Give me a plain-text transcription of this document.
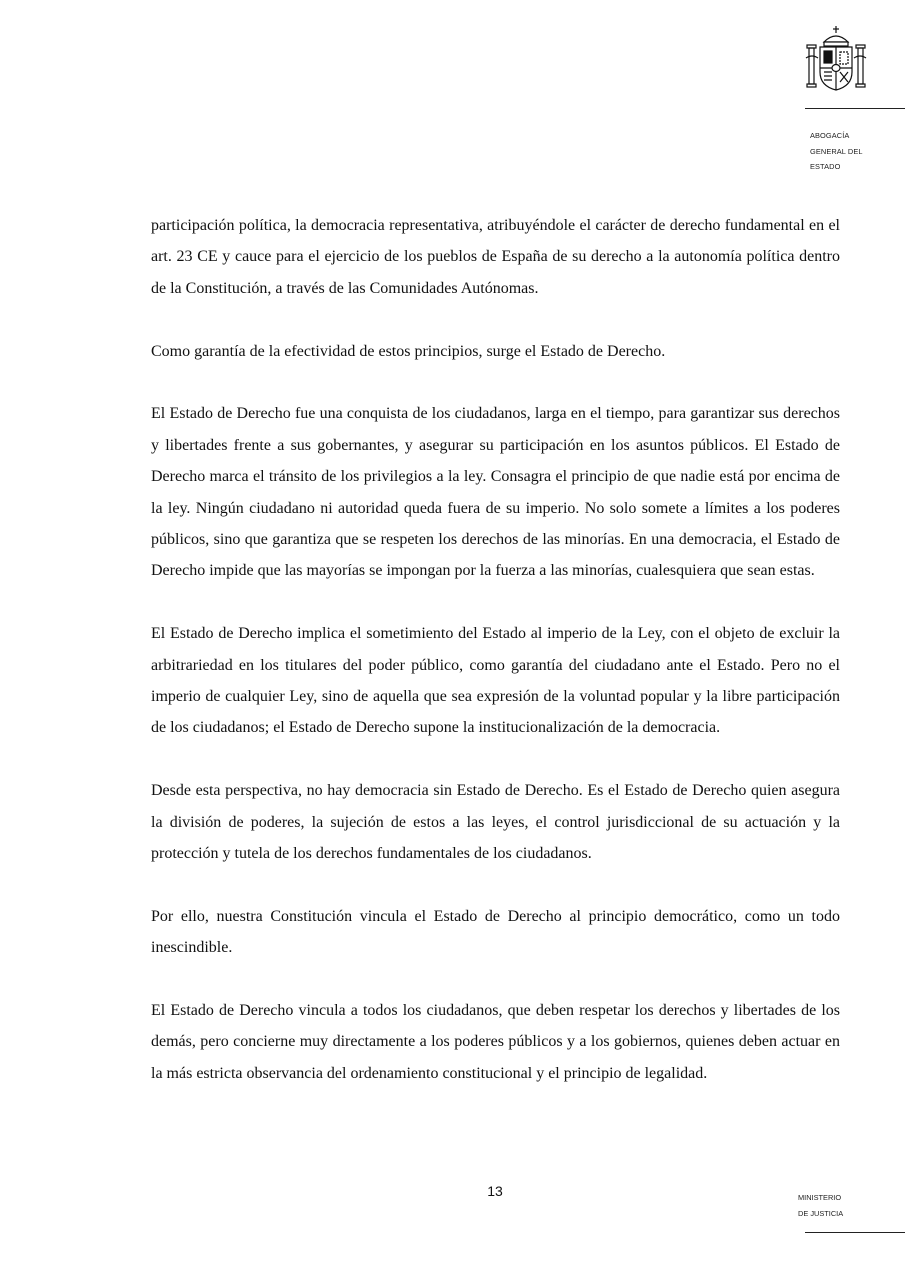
ABOGACÍA
GENERAL DEL
ESTADO

participación política, la democracia representativa, atribuyéndole el carácter de derecho fundamental en el art. 23 CE y cauce para el ejercicio de los pueblos de España de su derecho a la autonomía política dentro de la Constitución, a través de las Comunidades Autónomas.

Como garantía de la efectividad de estos principios, surge el Estado de Derecho.

El Estado de Derecho fue una conquista de los ciudadanos, larga en el tiempo, para garantizar sus derechos y libertades frente a sus gobernantes, y asegurar su participación en los asuntos públicos. El Estado de Derecho marca el tránsito de los privilegios a la ley. Consagra el principio de que nadie está por encima de la ley. Ningún ciudadano ni autoridad queda fuera de su imperio. No solo somete a límites a los poderes públicos, sino que garantiza que se respeten los derechos de las minorías. En una democracia, el Estado de Derecho impide que las mayorías se impongan por la fuerza a las minorías, cualesquiera que sean estas.

El Estado de Derecho implica el sometimiento del Estado al imperio de la Ley, con el objeto de excluir la arbitrariedad en los titulares del poder público, como garantía del ciudadano ante el Estado. Pero no el imperio de cualquier Ley, sino de aquella que sea expresión de la voluntad popular y la libre participación de los ciudadanos; el Estado de Derecho supone la institucionalización de la democracia.

Desde esta perspectiva, no hay democracia sin Estado de Derecho. Es el Estado de Derecho quien asegura la división de poderes, la sujeción de estos a las leyes, el control jurisdiccional de su actuación y la protección y tutela de los derechos fundamentales de los ciudadanos.

Por ello, nuestra Constitución vincula el Estado de Derecho al principio democrático, como un todo inescindible.

El Estado de Derecho vincula a todos los ciudadanos, que deben respetar los derechos y libertades de los demás, pero concierne muy directamente a los poderes públicos y a los gobiernos, quienes deben actuar en la más estricta observancia del ordenamiento constitucional y el principio de legalidad.

13	MINISTERIO
DE JUSTICIA
